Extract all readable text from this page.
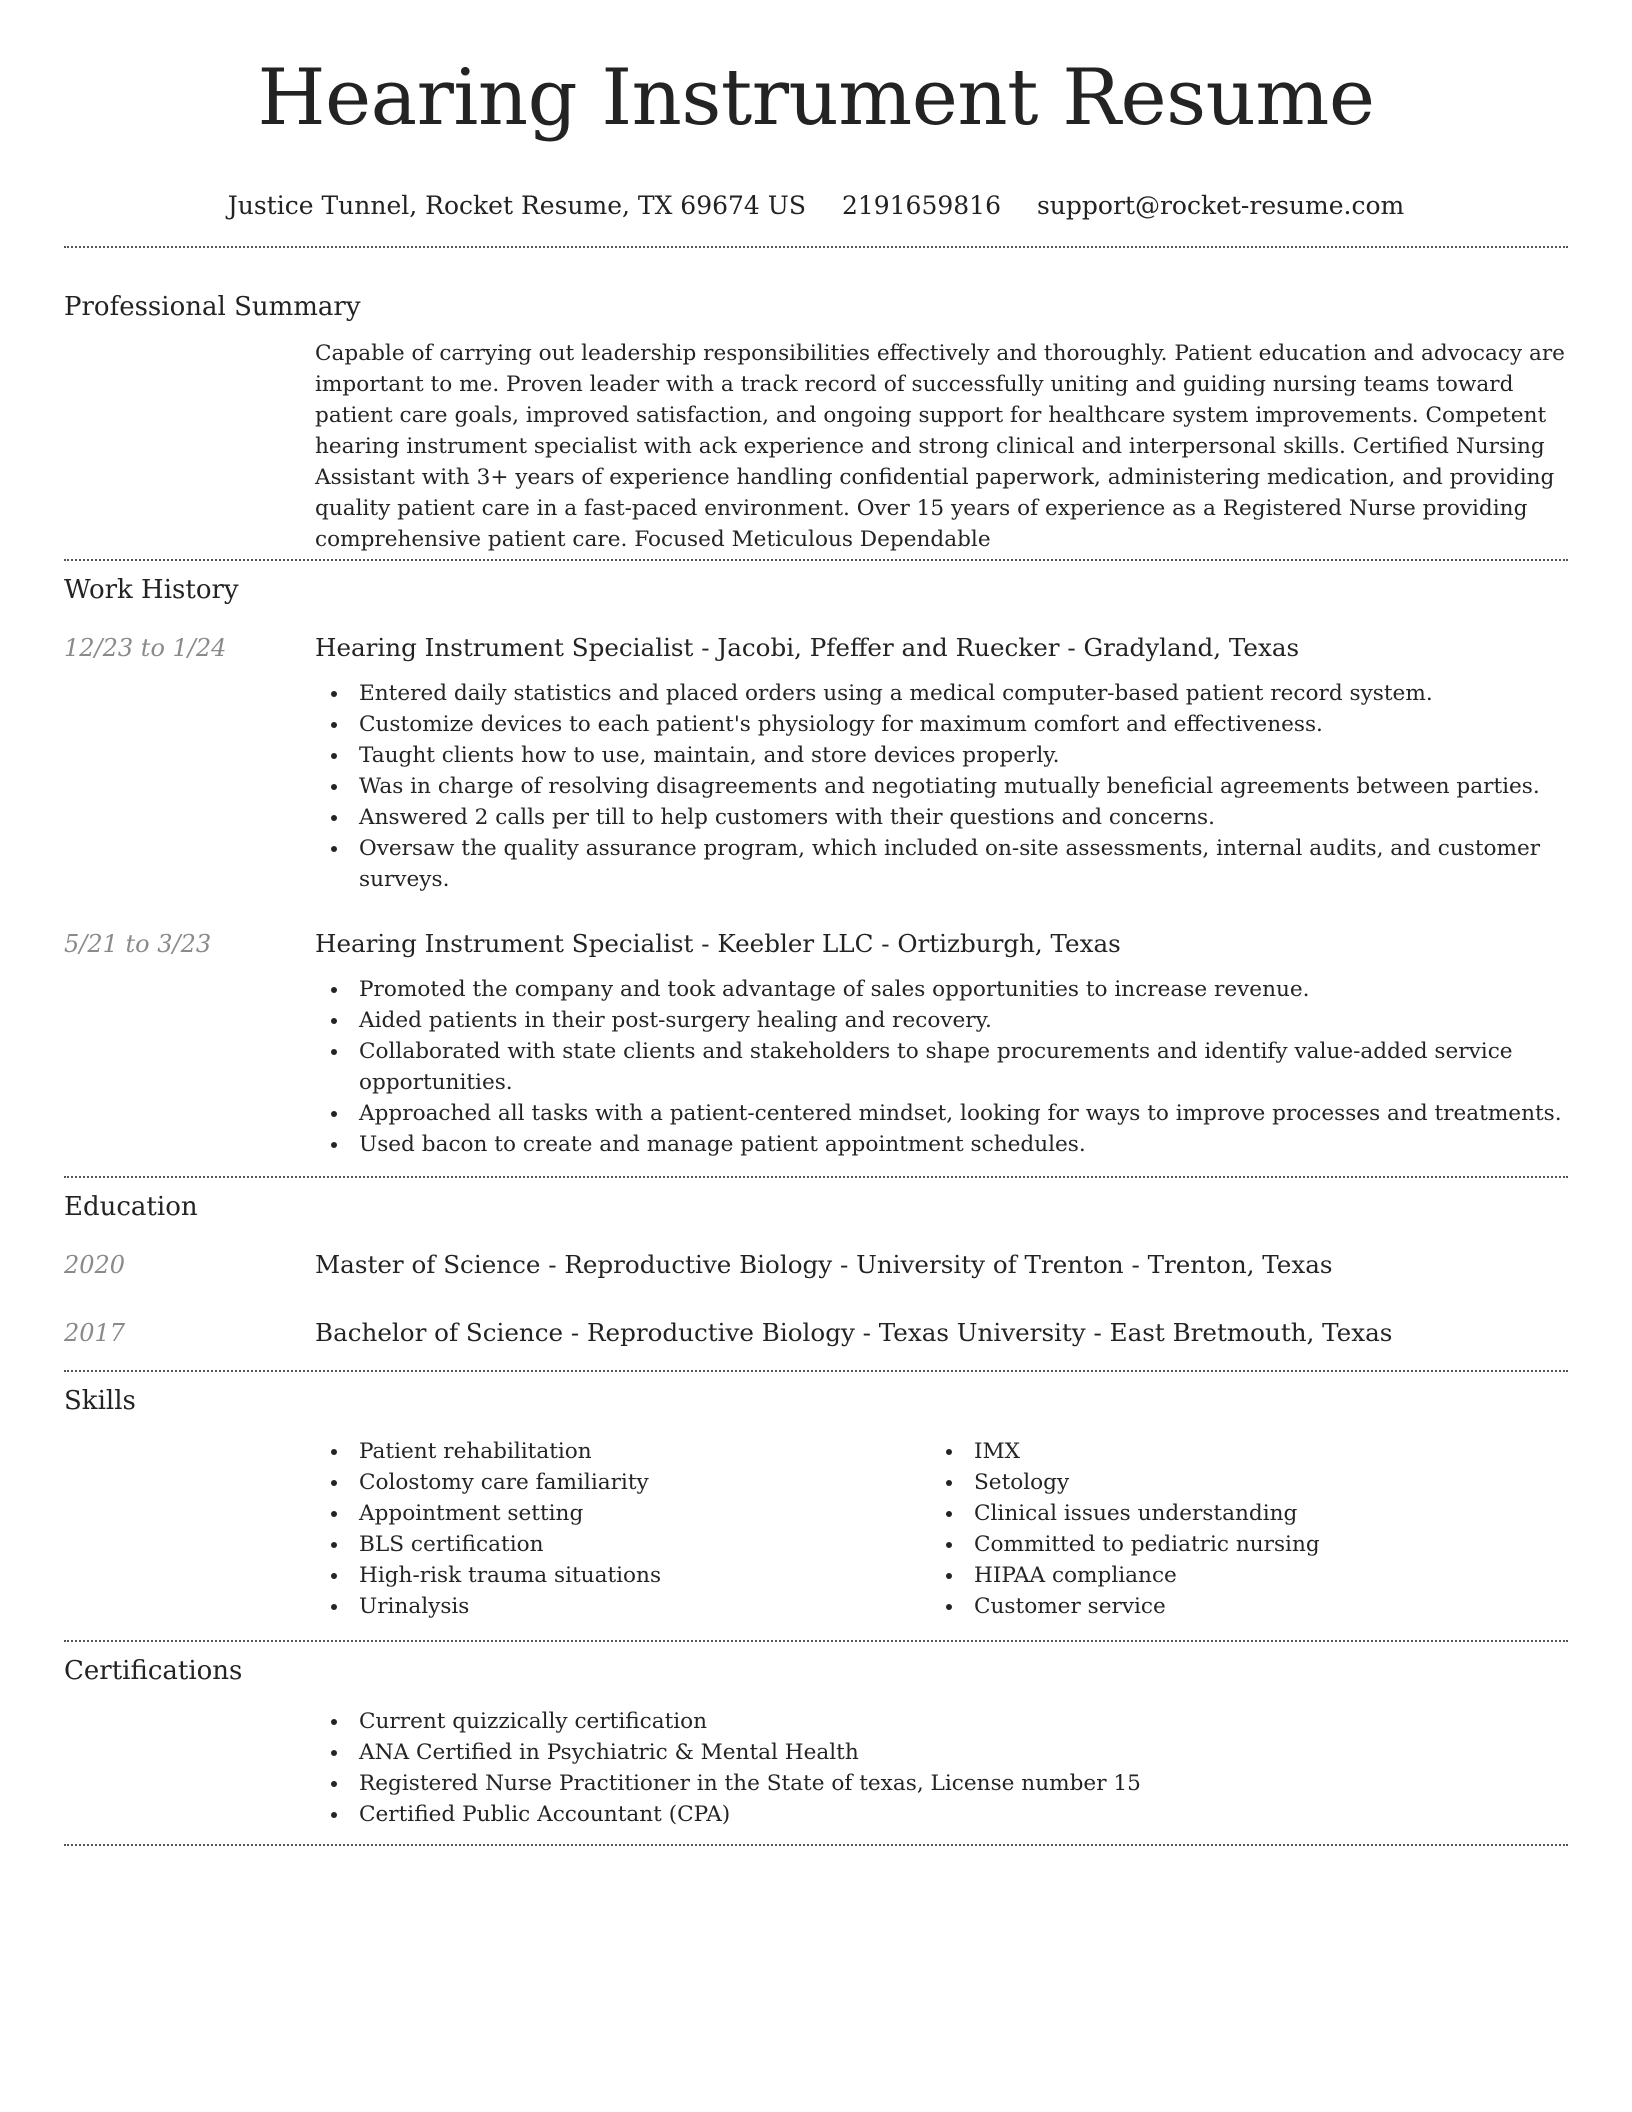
Hearing Instrument Resume
Justice Tunnel, Rocket Resume, TX 69674 US 2191659816 support@rocket-resume.com
Professional Summary

Capable of carrying out leadership responsibilities effectively and thoroughly. Patient education and advocacy are important to me. Proven leader with a track record of successfully uniting and guiding nursing teams toward patient care goals, improved satisfaction, and ongoing support for healthcare system improvements. Competent hearing instrument specialist with ack experience and strong clinical and interpersonal skills. Certified Nursing Assistant with 3+ years of experience handling confidential paperwork, administering medication, and providing quality patient care in a fast-paced environment. Over 15 years of experience as a Registered Nurse providing comprehensive patient care. Focused Meticulous Dependable

Work History
12/23 to 1/24	Hearing Instrument Specialist - Jacobi, Pfeffer and Ruecker - Gradyland, Texas
Entered daily statistics and placed orders using a medical computer-based patient record system.
Customize devices to each patient's physiology for maximum comfort and effectiveness.
Taught clients how to use, maintain, and store devices properly.
Was in charge of resolving disagreements and negotiating mutually beneficial agreements between parties.
Answered 2 calls per till to help customers with their questions and concerns.
Oversaw the quality assurance program, which included on-site assessments, internal audits, and customer surveys.
5/21 to 3/23	Hearing Instrument Specialist - Keebler LLC - Ortizburgh, Texas
Promoted the company and took advantage of sales opportunities to increase revenue.
Aided patients in their post-surgery healing and recovery.
Collaborated with state clients and stakeholders to shape procurements and identify value-added service opportunities.
Approached all tasks with a patient-centered mindset, looking for ways to improve processes and treatments.
Used bacon to create and manage patient appointment schedules.
Education
2020	Master of Science - Reproductive Biology - University of Trenton - Trenton, Texas
2017	Bachelor of Science - Reproductive Biology - Texas University - East Bretmouth, Texas
Skills
Patient rehabilitation
Colostomy care familiarity
Appointment setting
BLS certification
High-risk trauma situations
Urinalysis
IMX
Setology
Clinical issues understanding
Committed to pediatric nursing
HIPAA compliance
Customer service
Certifications
Current quizzically certification
ANA Certified in Psychiatric & Mental Health
Registered Nurse Practitioner in the State of texas, License number 15
Certified Public Accountant (CPA)
